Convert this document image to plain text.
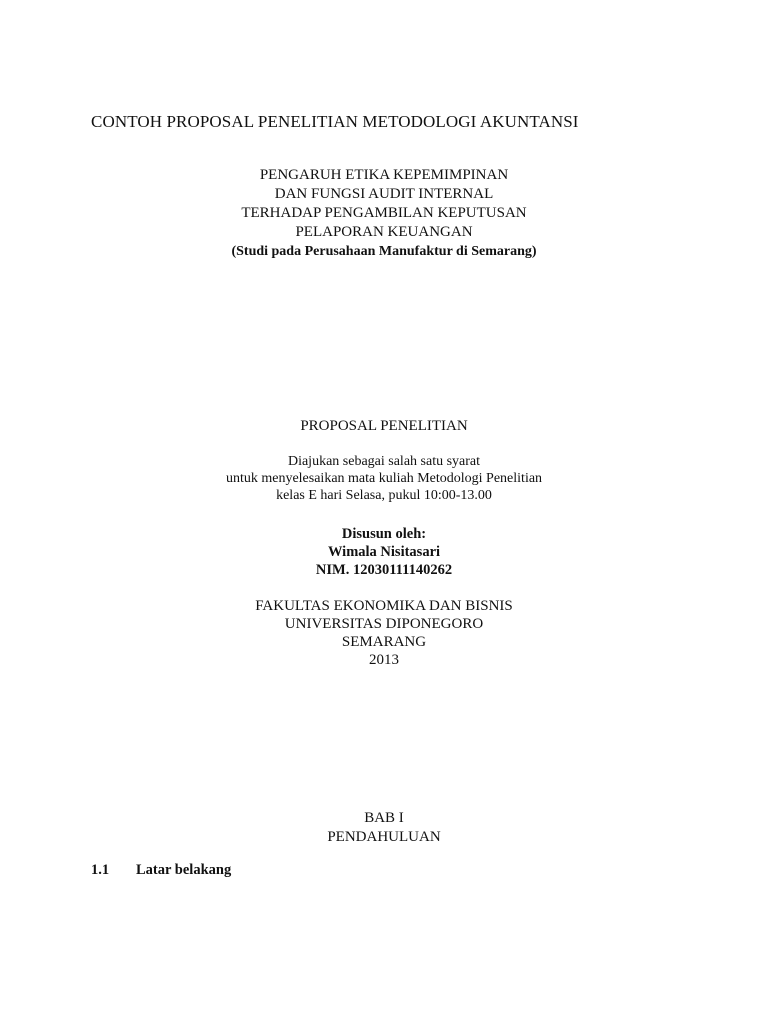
CONTOH PROPOSAL PENELITIAN METODOLOGI AKUNTANSI
PENGARUH ETIKA KEPEMIMPINAN
DAN FUNGSI AUDIT INTERNAL
TERHADAP PENGAMBILAN KEPUTUSAN
PELAPORAN KEUANGAN
(Studi pada Perusahaan Manufaktur di Semarang)
PROPOSAL PENELITIAN
Diajukan sebagai salah satu syarat
untuk menyelesaikan mata kuliah Metodologi Penelitian
kelas E hari Selasa, pukul 10:00-13.00
Disusun oleh:
Wimala Nisitasari
NIM. 12030111140262
FAKULTAS EKONOMIKA DAN BISNIS
UNIVERSITAS DIPONEGORO
SEMARANG
2013
BAB I
PENDAHULUAN
1.1 Latar belakang
